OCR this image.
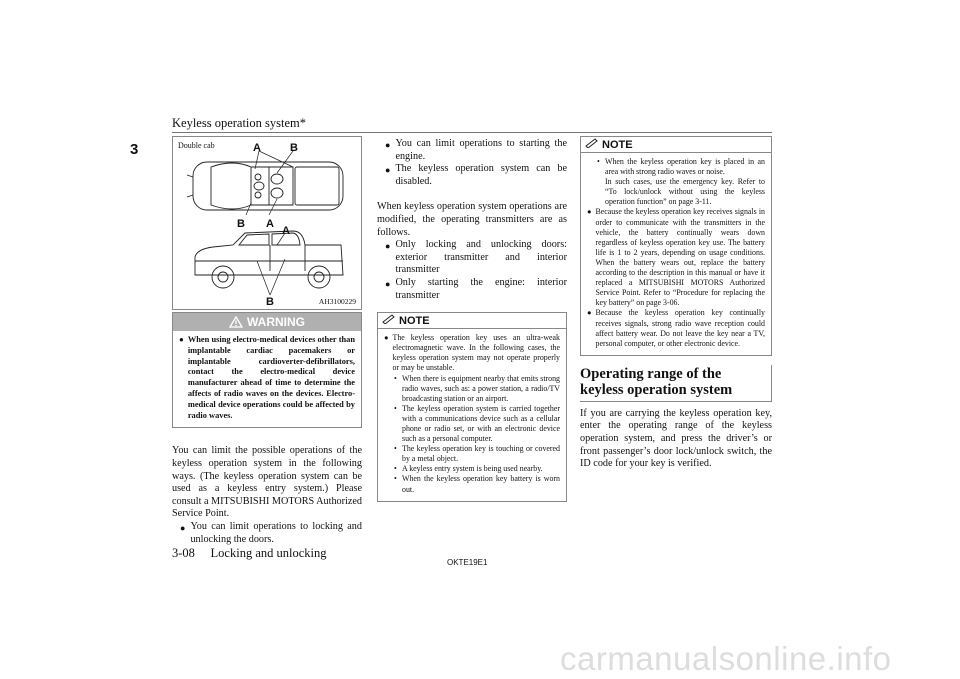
Keyless operation system*
3	A	B
B A
A
B
Double cab
AH3100229
WARNING
● When using electro-medical devices other than implantable cardiac pacemakers or implantable cardioverter-defibrillators, contact the electro-medical device manufacturer ahead of time to determine the affects of radio waves on the devices. Electro-medical device operations could be affected by radio waves.

You can limit the possible operations of the keyless operation system in the following ways. (The keyless operation system can be used as a keyless entry system.) Please consult a MITSUBISHI MOTORS Authorized Service Point.

● You can limit operations to locking and unlocking the doors.
● You can limit operations to starting the engine.
● The keyless operation system can be disabled.

When keyless operation system operations are modified, the operating transmitters are as follows.

● Only locking and unlocking doors: exterior transmitter and interior transmitter
● Only starting the engine: interior transmitter
NOTE
● The keyless operation key uses an ultra-weak electromagnetic wave. In the following cases, the keyless operation system may not operate properly or may be unstable.
• When there is equipment nearby that emits strong radio waves, such as: a power station, a radio/TV broadcasting station or an airport.
• The keyless operation system is carried together with a communications device such as a cellular phone or radio set, or with an electronic device such as a personal computer.
• The keyless operation key is touching or covered by a metal object.
• A keyless entry system is being used nearby.
• When the keyless operation key battery is worn out.
NOTE
• When the keyless operation key is placed in an area with strong radio waves or noise.
In such cases, use the emergency key. Refer to “To lock/unlock without using the keyless operation function” on page 3-11.
● Because the keyless operation key receives signals in order to communicate with the transmitters in the vehicle, the battery continually wears down regardless of keyless operation key use. The battery life is 1 to 2 years, depending on usage conditions. When the battery wears out, replace the battery according to the description in this manual or have it replaced a MITSUBISHI MOTORS Authorized Service Point. Refer to “Procedure for replacing the key battery” on page 3-06.
● Because the keyless operation key continually receives signals, strong radio wave reception could affect battery wear. Do not leave the key near a TV, personal computer, or other electronic device.
Operating range of the keyless operation system

If you are carrying the keyless operation key, enter the operating range of the keyless operation system, and press the driver’s or front passenger’s door lock/unlock switch, the ID code for your key is verified.

3-08 Locking and unlocking
OKTE19E1
carmanualsonline.info
